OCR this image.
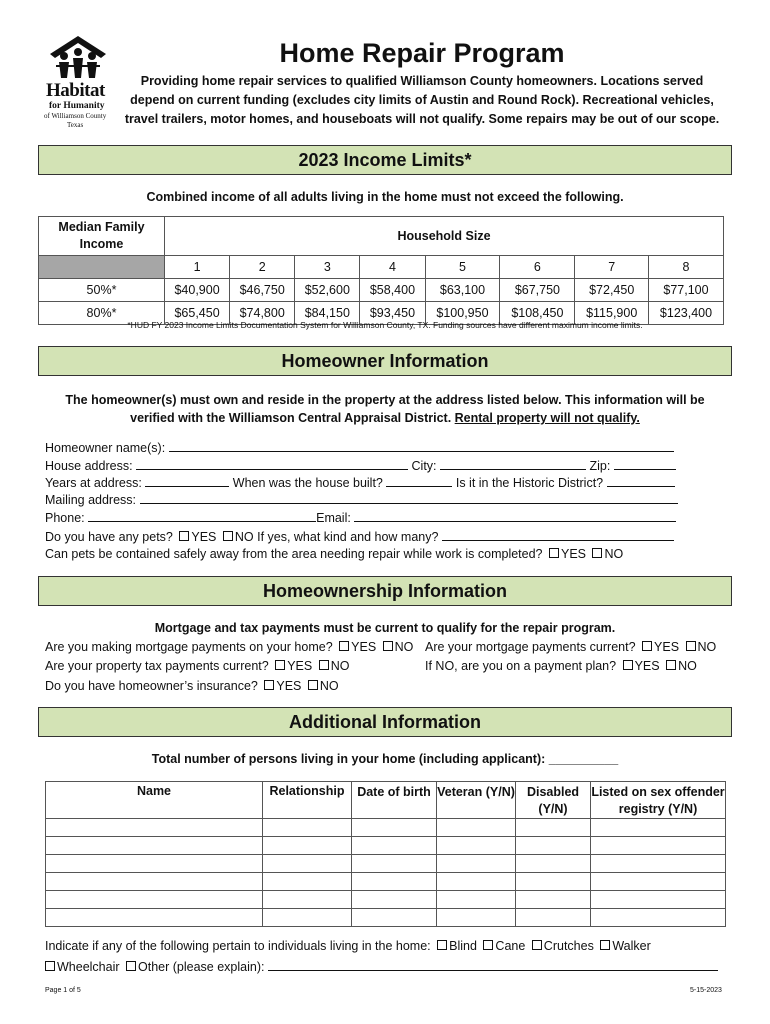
Habitat
for Humanity
of Williamson County
Texas
Home Repair Program
Providing home repair services to qualified Williamson County homeowners. Locations served depend on current funding (excludes city limits of Austin and Round Rock). Recreational vehicles, travel trailers, motor homes, and houseboats will not qualify. Some repairs may be out of our scope.
2023 Income Limits*
Combined income of all adults living in the home must not exceed the following.
Median Family Income	Household Size							
	1	2	3	4	5	6	7	8
50%*	$40,900	$46,750	$52,600	$58,400	$63,100	$67,750	$72,450	$77,100
80%*	$65,450	$74,800	$84,150	$93,450	$100,950	$108,450	$115,900	$123,400
*HUD FY 2023 Income Limits Documentation System for Williamson County, TX. Funding sources have different maximum income limits.
Homeowner Information
The homeowner(s) must own and reside in the property at the address listed below. This information will be
verified with the Williamson Central Appraisal District. Rental property will not qualify.
Homeowner name(s):
House address:	City:	Zip:
Years at address:	When was the house built?	Is it in the Historic District?
Mailing address:
Phone:	Email:
Do you have any pets? YES NO If yes, what kind and how many?
Can pets be contained safely away from the area needing repair while work is completed? YES NO
Homeownership Information
Mortgage and tax payments must be current to qualify for the repair program.
Are you making mortgage payments on your home? YES NO Are your mortgage payments current? YES NO
Are your property tax payments current? YES NO	If NO, are you on a payment plan? YES NO
Do you have homeowner’s insurance? YES NO
Additional Information
Total number of persons living in your home (including applicant): __________
Name	Relationship	Date of birth	Veteran (Y/N)	Disabled (Y/N)	Listed on sex offender registry (Y/N)

Indicate if any of the following pertain to individuals living in the home: Blind Cane Crutches Walker
Wheelchair Other (please explain):
Page 1 of 5	5-15-2023
